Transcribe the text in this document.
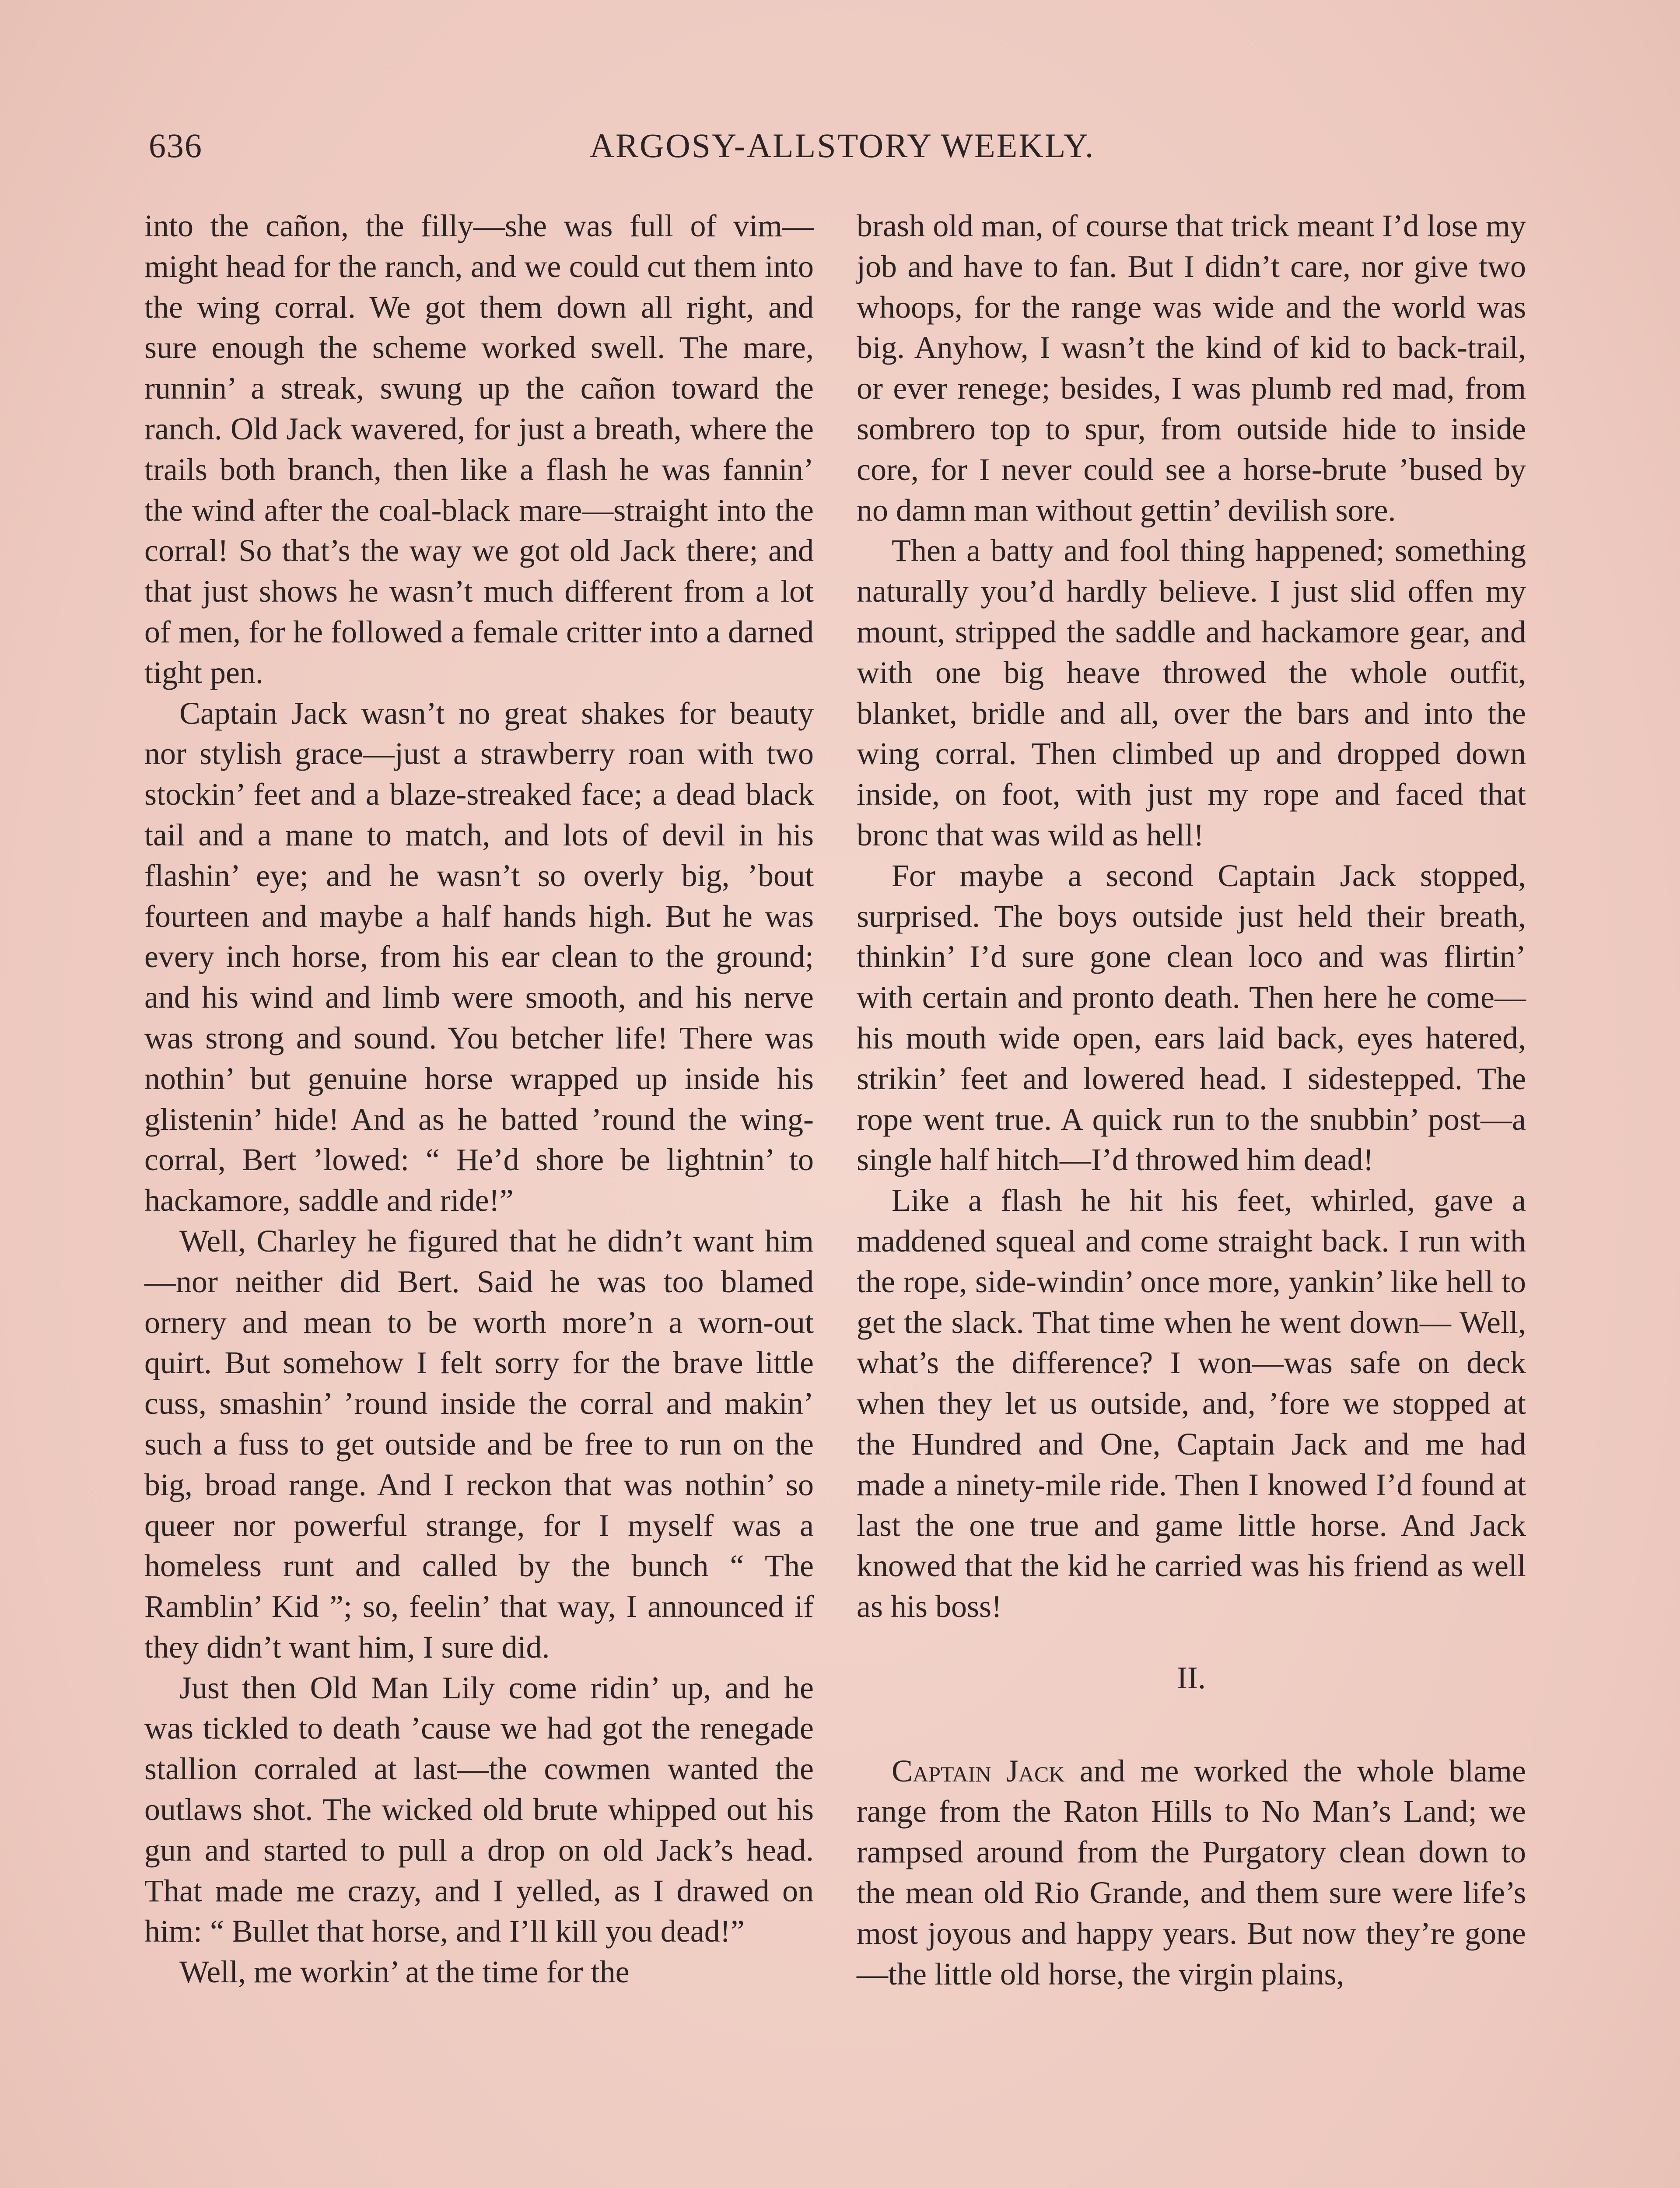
636	ARGOSY-ALLSTORY WEEKLY.

into the cañon, the filly—she was full of vim—might head for the ranch, and we could cut them into the wing corral. We got them down all right, and sure enough the scheme worked swell. The mare, runnin’ a streak, swung up the cañon toward the ranch. Old Jack wavered, for just a breath, where the trails both branch, then like a flash he was fannin’ the wind after the coal-black mare—straight into the corral! So that’s the way we got old Jack there; and that just shows he wasn’t much different from a lot of men, for he followed a female critter into a darned tight pen.

Captain Jack wasn’t no great shakes for beauty nor stylish grace—just a strawberry roan with two stockin’ feet and a blaze-streaked face; a dead black tail and a mane to match, and lots of devil in his flashin’ eye; and he wasn’t so overly big, ’bout fourteen and maybe a half hands high. But he was every inch horse, from his ear clean to the ground; and his wind and limb were smooth, and his nerve was strong and sound. You betcher life! There was nothin’ but genuine horse wrapped up inside his glistenin’ hide! And as he batted ’round the wing-corral, Bert ’lowed: “ He’d shore be lightnin’ to hackamore, saddle and ride!”

Well, Charley he figured that he didn’t want him—nor neither did Bert. Said he was too blamed ornery and mean to be worth more’n a worn-out quirt. But somehow I felt sorry for the brave little cuss, smashin’ ’round inside the corral and makin’ such a fuss to get outside and be free to run on the big, broad range. And I reckon that was nothin’ so queer nor powerful strange, for I myself was a homeless runt and called by the bunch “ The Ramblin’ Kid ”; so, feelin’ that way, I announced if they didn’t want him, I sure did.

Just then Old Man Lily come ridin’ up, and he was tickled to death ’cause we had got the renegade stallion corraled at last—the cowmen wanted the outlaws shot. The wicked old brute whipped out his gun and started to pull a drop on old Jack’s head. That made me crazy, and I yelled, as I drawed on him: “ Bullet that horse, and I’ll kill you dead!”

Well, me workin’ at the time for the

brash old man, of course that trick meant I’d lose my job and have to fan. But I didn’t care, nor give two whoops, for the range was wide and the world was big. Anyhow, I wasn’t the kind of kid to back-trail, or ever renege; besides, I was plumb red mad, from sombrero top to spur, from outside hide to inside core, for I never could see a horse-brute ’bused by no damn man without gettin’ devilish sore.

Then a batty and fool thing happened; something naturally you’d hardly believe. I just slid offen my mount, stripped the saddle and hackamore gear, and with one big heave throwed the whole outfit, blanket, bridle and all, over the bars and into the wing corral. Then climbed up and dropped down inside, on foot, with just my rope and faced that bronc that was wild as hell!

For maybe a second Captain Jack stopped, surprised. The boys outside just held their breath, thinkin’ I’d sure gone clean loco and was flirtin’ with certain and pronto death. Then here he come—his mouth wide open, ears laid back, eyes hatered, strikin’ feet and lowered head. I sidestepped. The rope went true. A quick run to the snubbin’ post—a single half hitch—I’d throwed him dead!

Like a flash he hit his feet, whirled, gave a maddened squeal and come straight back. I run with the rope, side-windin’ once more, yankin’ like hell to get the slack. That time when he went down— Well, what’s the difference? I won—was safe on deck when they let us outside, and, ’fore we stopped at the Hundred and One, Captain Jack and me had made a ninety-mile ride. Then I knowed I’d found at last the one true and game little horse. And Jack knowed that the kid he carried was his friend as well as his boss!

II.

Captain Jack and me worked the whole blame range from the Raton Hills to No Man’s Land; we rampsed around from the Purgatory clean down to the mean old Rio Grande, and them sure were life’s most joyous and happy years. But now they’re gone—the little old horse, the virgin plains,
